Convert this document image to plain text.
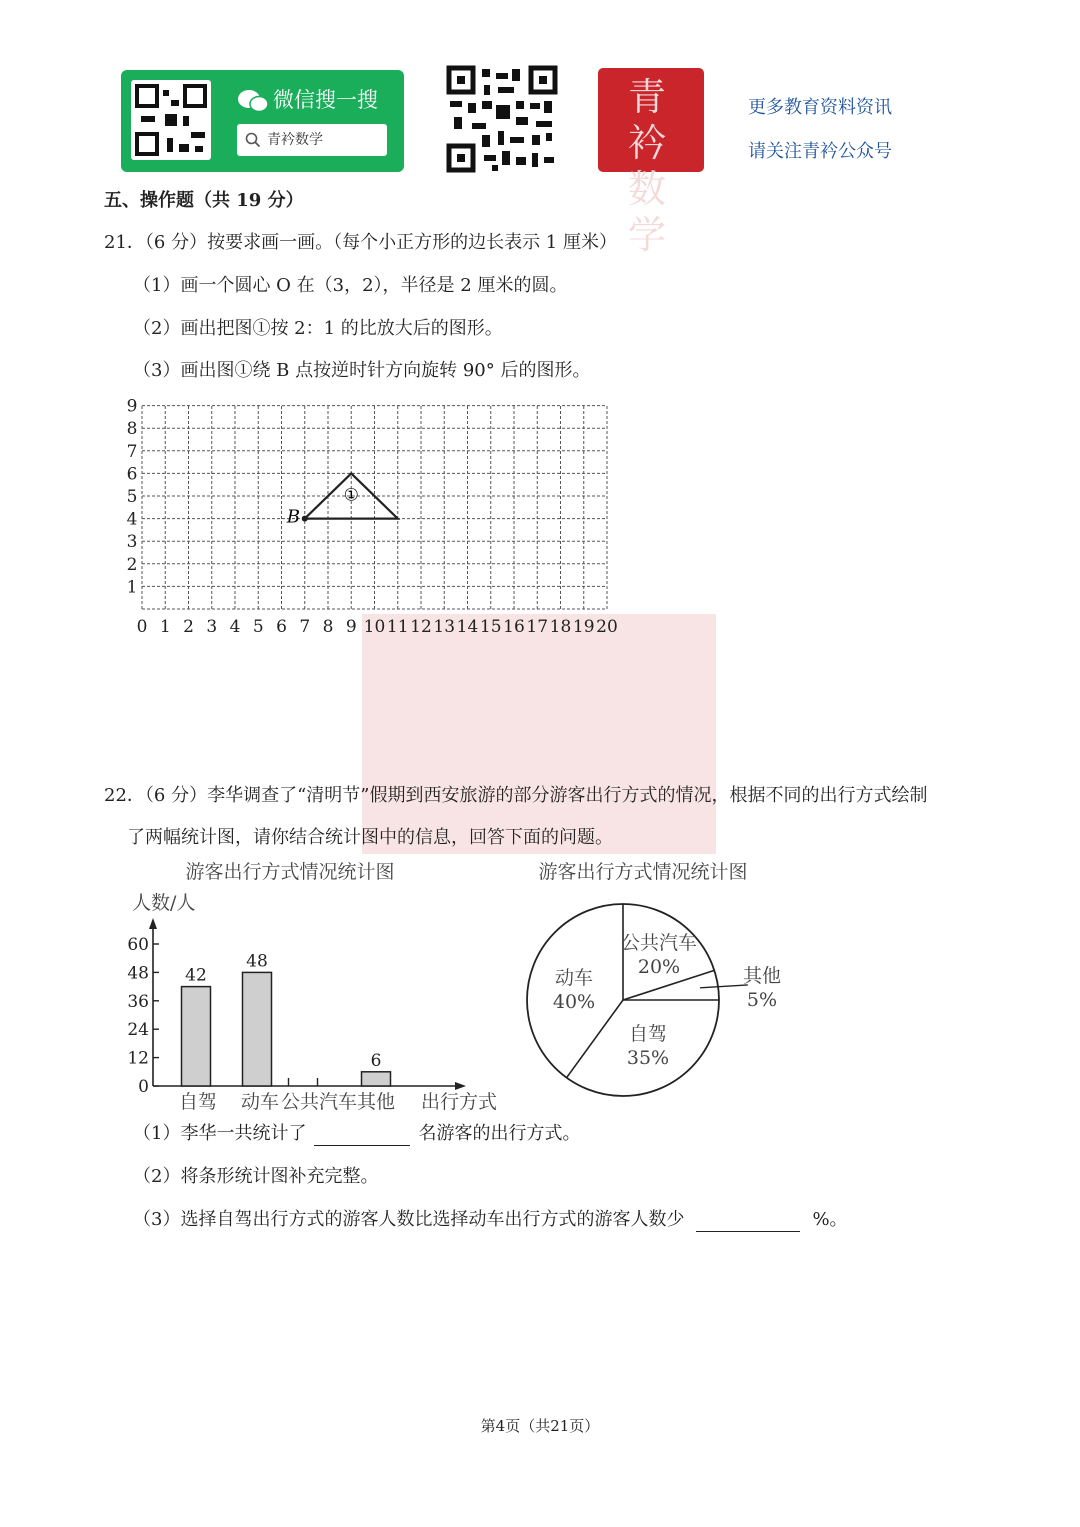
微信搜一搜
青衿数学
青衿数学
更多教育资料资讯
请关注青衿公众号
五、操作题（共 19 分）
21．（6 分）按要求画一画。（每个小正方形的边长表示 1 厘米）
（1）画一个圆心 O 在（3，2），半径是 2 厘米的圆。
（2）画出把图①按 2：1 的比放大后的图形。
（3）画出图①绕 B 点按逆时针方向旋转 90° 后的图形。
0 1 2 3 4 5 6 7 8 9 10 11 12 13 14 15 16 17 18 19 20
1
2
3
4
5
6
7
8
9
B
①
22．（6 分）李华调查了“清明节”假期到西安旅游的部分游客出行方式的情况，根据不同的出行方式绘制
了两幅统计图，请你结合统计图中的信息，回答下面的问题。
游客出行方式情况统计图
人数/人
出行方式
0
12
24
36
48
60
42
48
6
自驾 动车 公共汽车 其他
游客出行方式情况统计图
公共汽车
20%	其他
5%
自驾
35%
动车
40%
（1）李华一共统计了	名游客的出行方式。
（2）将条形统计图补充完整。
（3）选择自驾出行方式的游客人数比选择动车出行方式的游客人数少	%。
第4页（共21页）
